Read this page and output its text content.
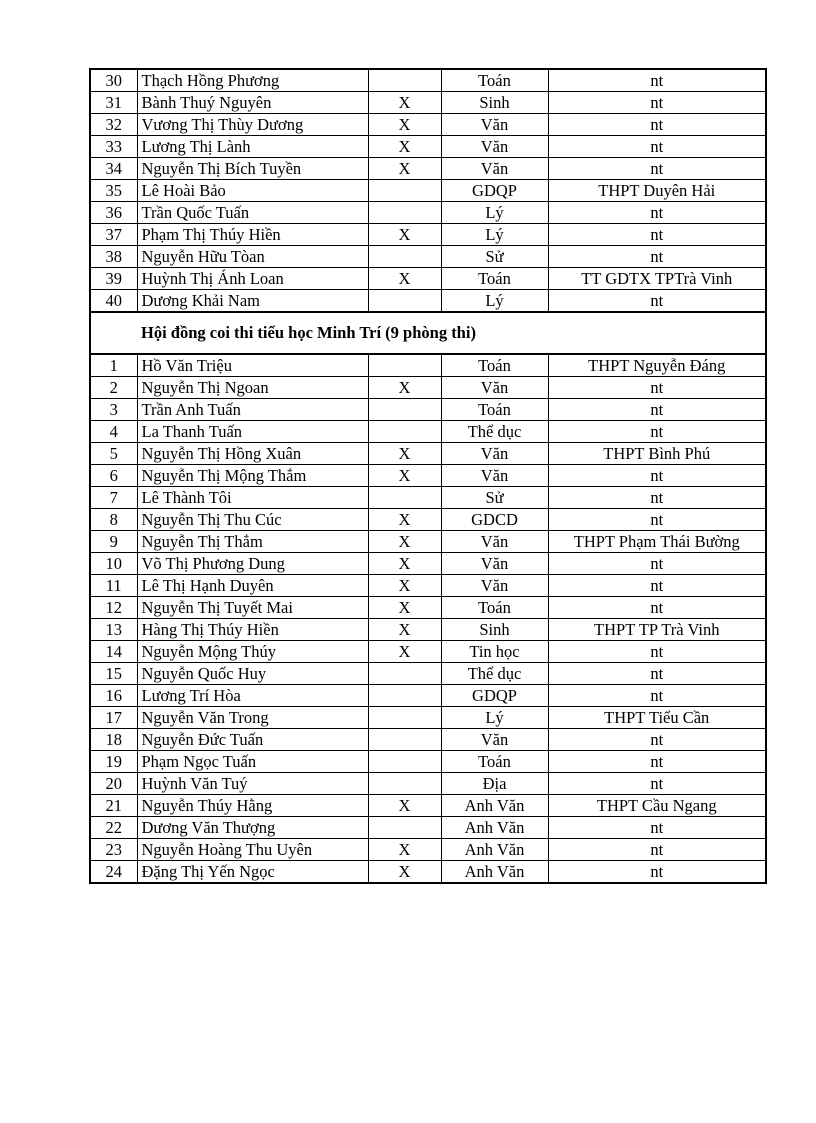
30	Thạch Hồng Phương		Toán	nt
31	Bành Thuý Nguyên	X	Sinh	nt
32	Vương Thị Thùy Dương	X	Văn	nt
33	Lương Thị Lành	X	Văn	nt
34	Nguyễn Thị Bích Tuyền	X	Văn	nt
35	Lê Hoài Bảo		GDQP	THPT Duyên Hải
36	Trần Quốc Tuấn		Lý	nt
37	Phạm Thị Thúy Hiền	X	Lý	nt
38	Nguyễn Hữu Tòan		Sử	nt
39	Huỳnh Thị Ánh Loan	X	Toán	TT GDTX TPTrà Vinh
40	Dương Khải Nam		Lý	nt
Hội đồng coi thi tiểu học Minh Trí (9 phòng thi)				
1	Hồ Văn Triệu		Toán	THPT Nguyễn Đáng
2	Nguyễn Thị Ngoan	X	Văn	nt
3	Trần Anh Tuấn		Toán	nt
4	La Thanh Tuấn		Thể dục	nt
5	Nguyễn Thị Hồng Xuân	X	Văn	THPT Bình Phú
6	Nguyễn Thị Mộng Thắm	X	Văn	nt
7	Lê Thành Tôi		Sử	nt
8	Nguyễn Thị Thu Cúc	X	GDCD	nt
9	Nguyễn Thị Thắm	X	Văn	THPT Phạm Thái Bường
10	Võ Thị Phương Dung	X	Văn	nt
11	Lê Thị Hạnh Duyên	X	Văn	nt
12	Nguyễn Thị Tuyết Mai	X	Toán	nt
13	Hàng Thị Thúy Hiền	X	Sinh	THPT TP Trà Vinh
14	Nguyễn Mộng Thúy	X	Tin học	nt
15	Nguyễn Quốc Huy		Thể dục	nt
16	Lương Trí Hòa		GDQP	nt
17	Nguyễn Văn Trong		Lý	THPT Tiểu Cần
18	Nguyễn Đức Tuấn		Văn	nt
19	Phạm Ngọc Tuấn		Toán	nt
20	Huỳnh Văn Tuý		Địa	nt
21	Nguyễn Thúy Hằng	X	Anh Văn	THPT Cầu Ngang
22	Dương Văn Thượng		Anh Văn	nt
23	Nguyễn Hoàng Thu Uyên	X	Anh Văn	nt
24	Đặng Thị Yến Ngọc	X	Anh Văn	nt
